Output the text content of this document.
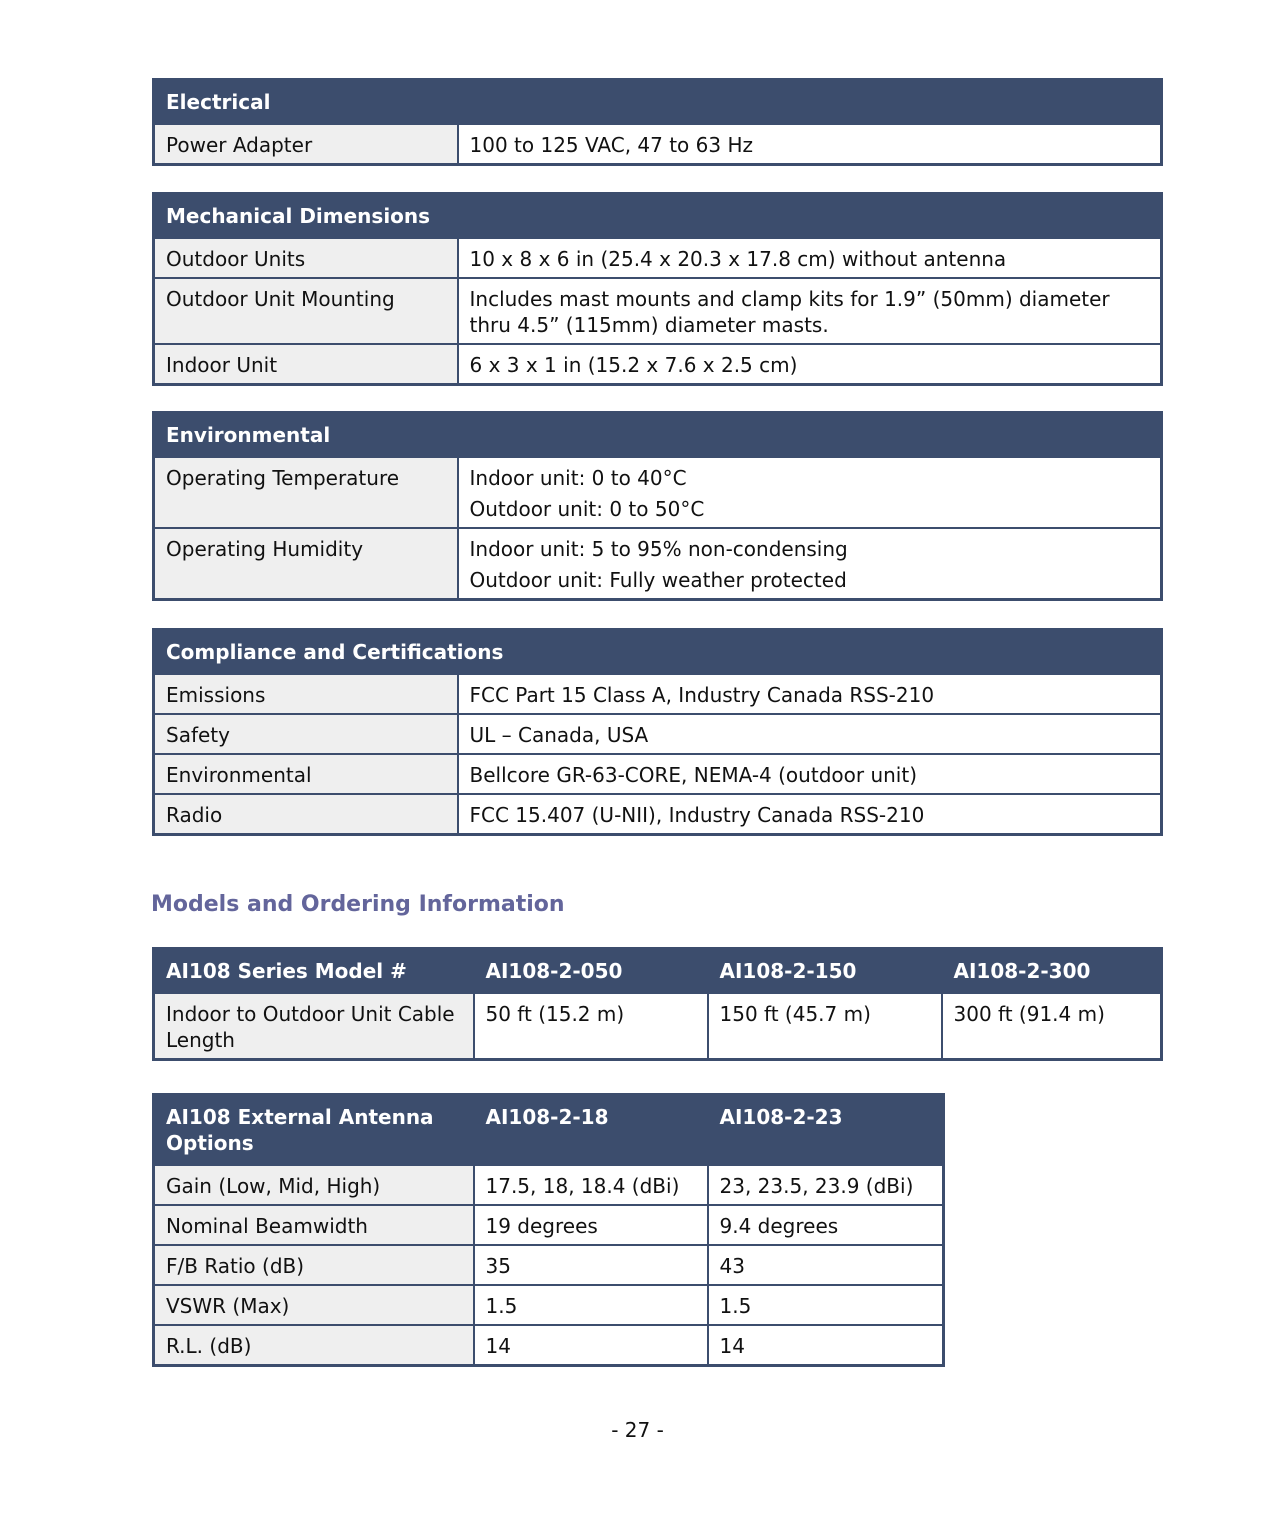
Electrical
Power Adapter	100 to 125 VAC, 47 to 63 Hz
Mechanical Dimensions	
Outdoor Units	10 x 8 x 6 in (25.4 x 20.3 x 17.8 cm) without antenna
Outdoor Unit Mounting	Includes mast mounts and clamp kits for 1.9” (50mm) diameter thru 4.5” (115mm) diameter masts.
Indoor Unit	6 x 3 x 1 in (15.2 x 7.6 x 2.5 cm)
Environmental	
Operating Temperature	Indoor unit: 0 to 40°C
Outdoor unit: 0 to 50°C

Operating Humidity	Indoor unit: 5 to 95% non-condensing
Outdoor unit: Fully weather protected
Compliance and Certifications	
Emissions	FCC Part 15 Class A, Industry Canada RSS-210
Safety	UL – Canada, USA
Environmental	Bellcore GR-63-CORE, NEMA-4 (outdoor unit)
Radio	FCC 15.407 (U-NII), Industry Canada RSS-210
Models and Ordering Information
AI108 Series Model #	AI108-2-050	AI108-2-150	AI108-2-300
Indoor to Outdoor Unit Cable Length	50 ft (15.2 m)	150 ft (45.7 m)	300 ft (91.4 m)
AI108 External Antenna Options	AI108-2-18	AI108-2-23
Gain (Low, Mid, High)	17.5, 18, 18.4 (dBi)	23, 23.5, 23.9 (dBi)
Nominal Beamwidth	19 degrees	9.4 degrees
F/B Ratio (dB)	35	43
VSWR (Max)	1.5	1.5
R.L. (dB)	14	14
- 27 -
